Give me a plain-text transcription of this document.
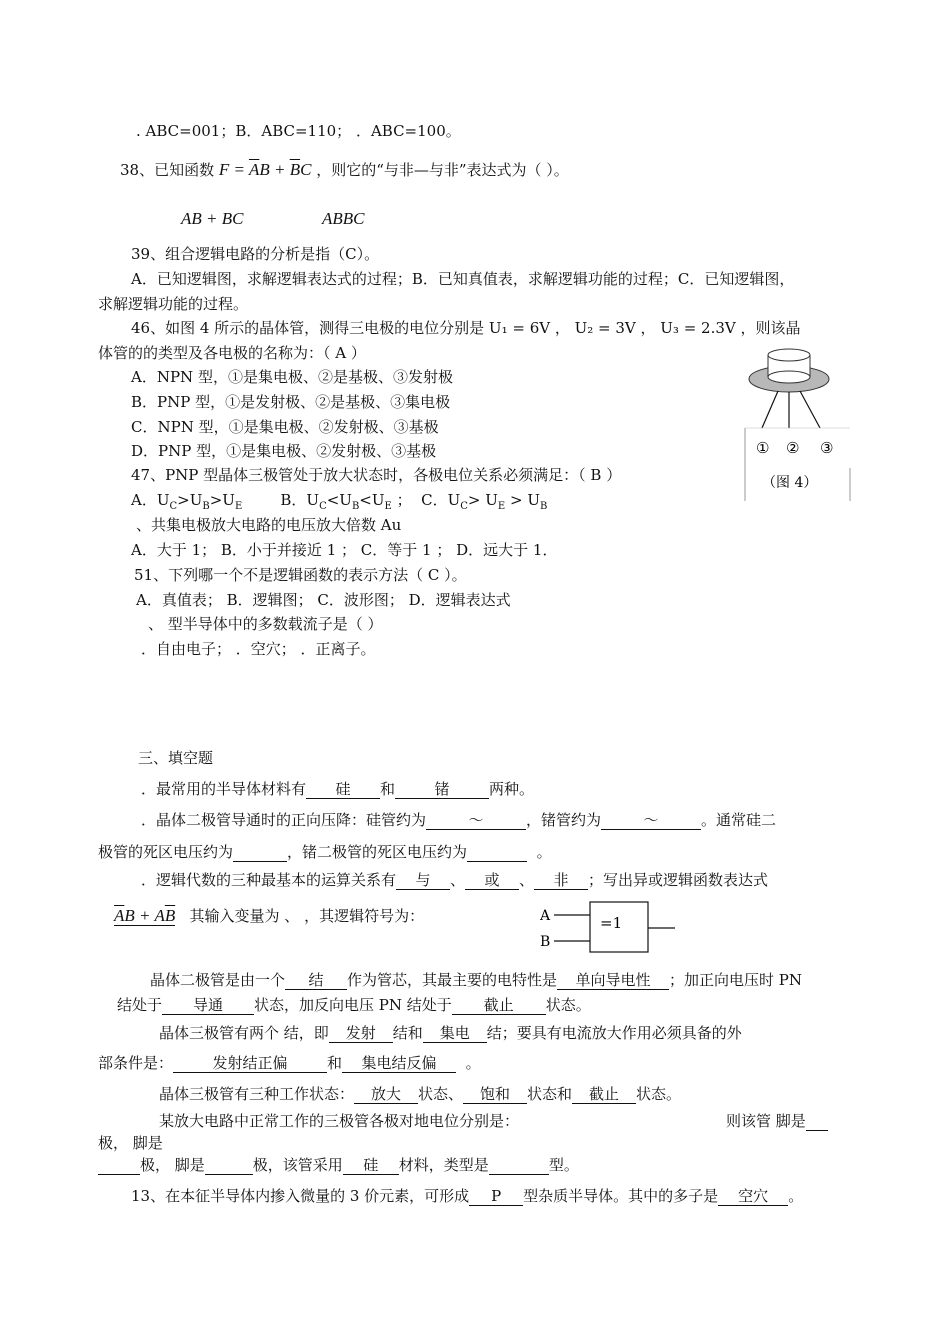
. ABC=001；B．ABC=110； ．ABC=100。
38、已知函数 $F = \overline{A}B + \overline{B}C$ ，则它的“与非—与非”表达式为（ ）。
AB + BC	ABBC
39、组合逻辑电路的分析是指（C）。
A．已知逻辑图，求解逻辑表达式的过程；B．已知真值表，求解逻辑功能的过程；C．已知逻辑图，
求解逻辑功能的过程。
46、如图 4 所示的晶体管，测得三电极的电位分别是 U₁ = 6V ， U₂ = 3V ， U₃ = 2.3V ，则该晶
体管的的类型及各电极的名称为：（ A ）
A．NPN 型，①是集电极、②是基极、③发射极
B．PNP 型，①是发射极、②是基极、③集电极
C．NPN 型，①是集电极、②发射极、③基极
D．PNP 型，①是集电极、②发射极、③基极	① ② ③
（图 4）
47、PNP 型晶体三极管处于放大状态时，各极电位关系必须满足：（ B ）
A．$U_C>U_B>U_E$        B．$U_C<U_B<U_E$ ；  C．$U_C> U_E > U_B$
、共集电极放大电路的电压放大倍数 Au
A．大于 1； B．小于并接近 1 ； C．等于 1 ； D．远大于 1．
51、下列哪一个不是逻辑函数的表示方法（ C ）。
A．真值表； B．逻辑图； C．波形图； D．逻辑表达式
、 型半导体中的多数载流子是（ ）
．自由电子； ．空穴； ．正离子。
三、填空题
．最常用的半导体材料有 硅 和	锗	两种。
．晶体二极管导通时的正向压降：硅管约为	～	，锗管约为	～	。通常硅二
极管的死区电压约为	，锗二极管的死区电压约为	。
．逻辑代数的三种最基本的运算关系有 与 、 或 、 非 ；写出异或逻辑函数表达式
$\overline{A}B + A\overline{B}$ 其输入变量为 、 ，其逻辑符号为：	A
B
=1
晶体二极管是由一个 结 作为管芯，其最主要的电特性是 单向导电性 ；加正向电压时 PN
结处于 导通 状态，加反向电压 PN 结处于 截止 状态。
晶体三极管有两个 结，即 发射 结和 集电 结；要具有电流放大作用必须具备的外
部条件是：	发射结正偏	和 集电结反偏 。
晶体三极管有三种工作状态： 放大 状态、 饱和 状态和 截止 状态。
某放大电路中正常工作的三极管各极对地电位分别是：	则该管 脚是
极， 脚是
极， 脚是	极，该管采用 硅 材料，类型是	型。
13、在本征半导体内掺入微量的 3 价元素，可形成 P 型杂质半导体。其中的多子是 空穴 。
